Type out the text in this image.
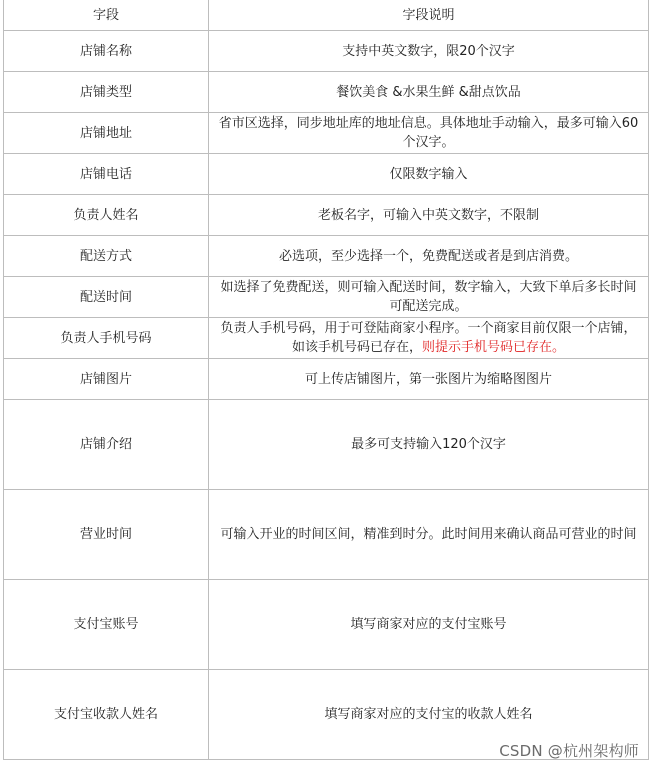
字段	字段说明
店铺名称	支持中英文数字，限20个汉字
店铺类型	餐饮美食 &水果生鲜 &甜点饮品
店铺地址	省市区选择，同步地址库的地址信息。具体地址手动输入，最多可输入60个汉字。
店铺电话	仅限数字输入
负责人姓名	老板名字，可输入中英文数字，不限制
配送方式	必选项，至少选择一个，免费配送或者是到店消费。
配送时间	如选择了免费配送，则可输入配送时间，数字输入，大致下单后多长时间可配送完成。
负责人手机号码	负责人手机号码，用于可登陆商家小程序。一个商家目前仅限一个店铺，如该手机号码已存在，则提示手机号码已存在。
店铺图片	可上传店铺图片，第一张图片为缩略图图片
店铺介绍	最多可支持输入120个汉字
营业时间	可输入开业的时间区间，精准到时分。此时间用来确认商品可营业的时间
支付宝账号	填写商家对应的支付宝账号
支付宝收款人姓名	填写商家对应的支付宝的收款人姓名
CSDN @杭州架构师
